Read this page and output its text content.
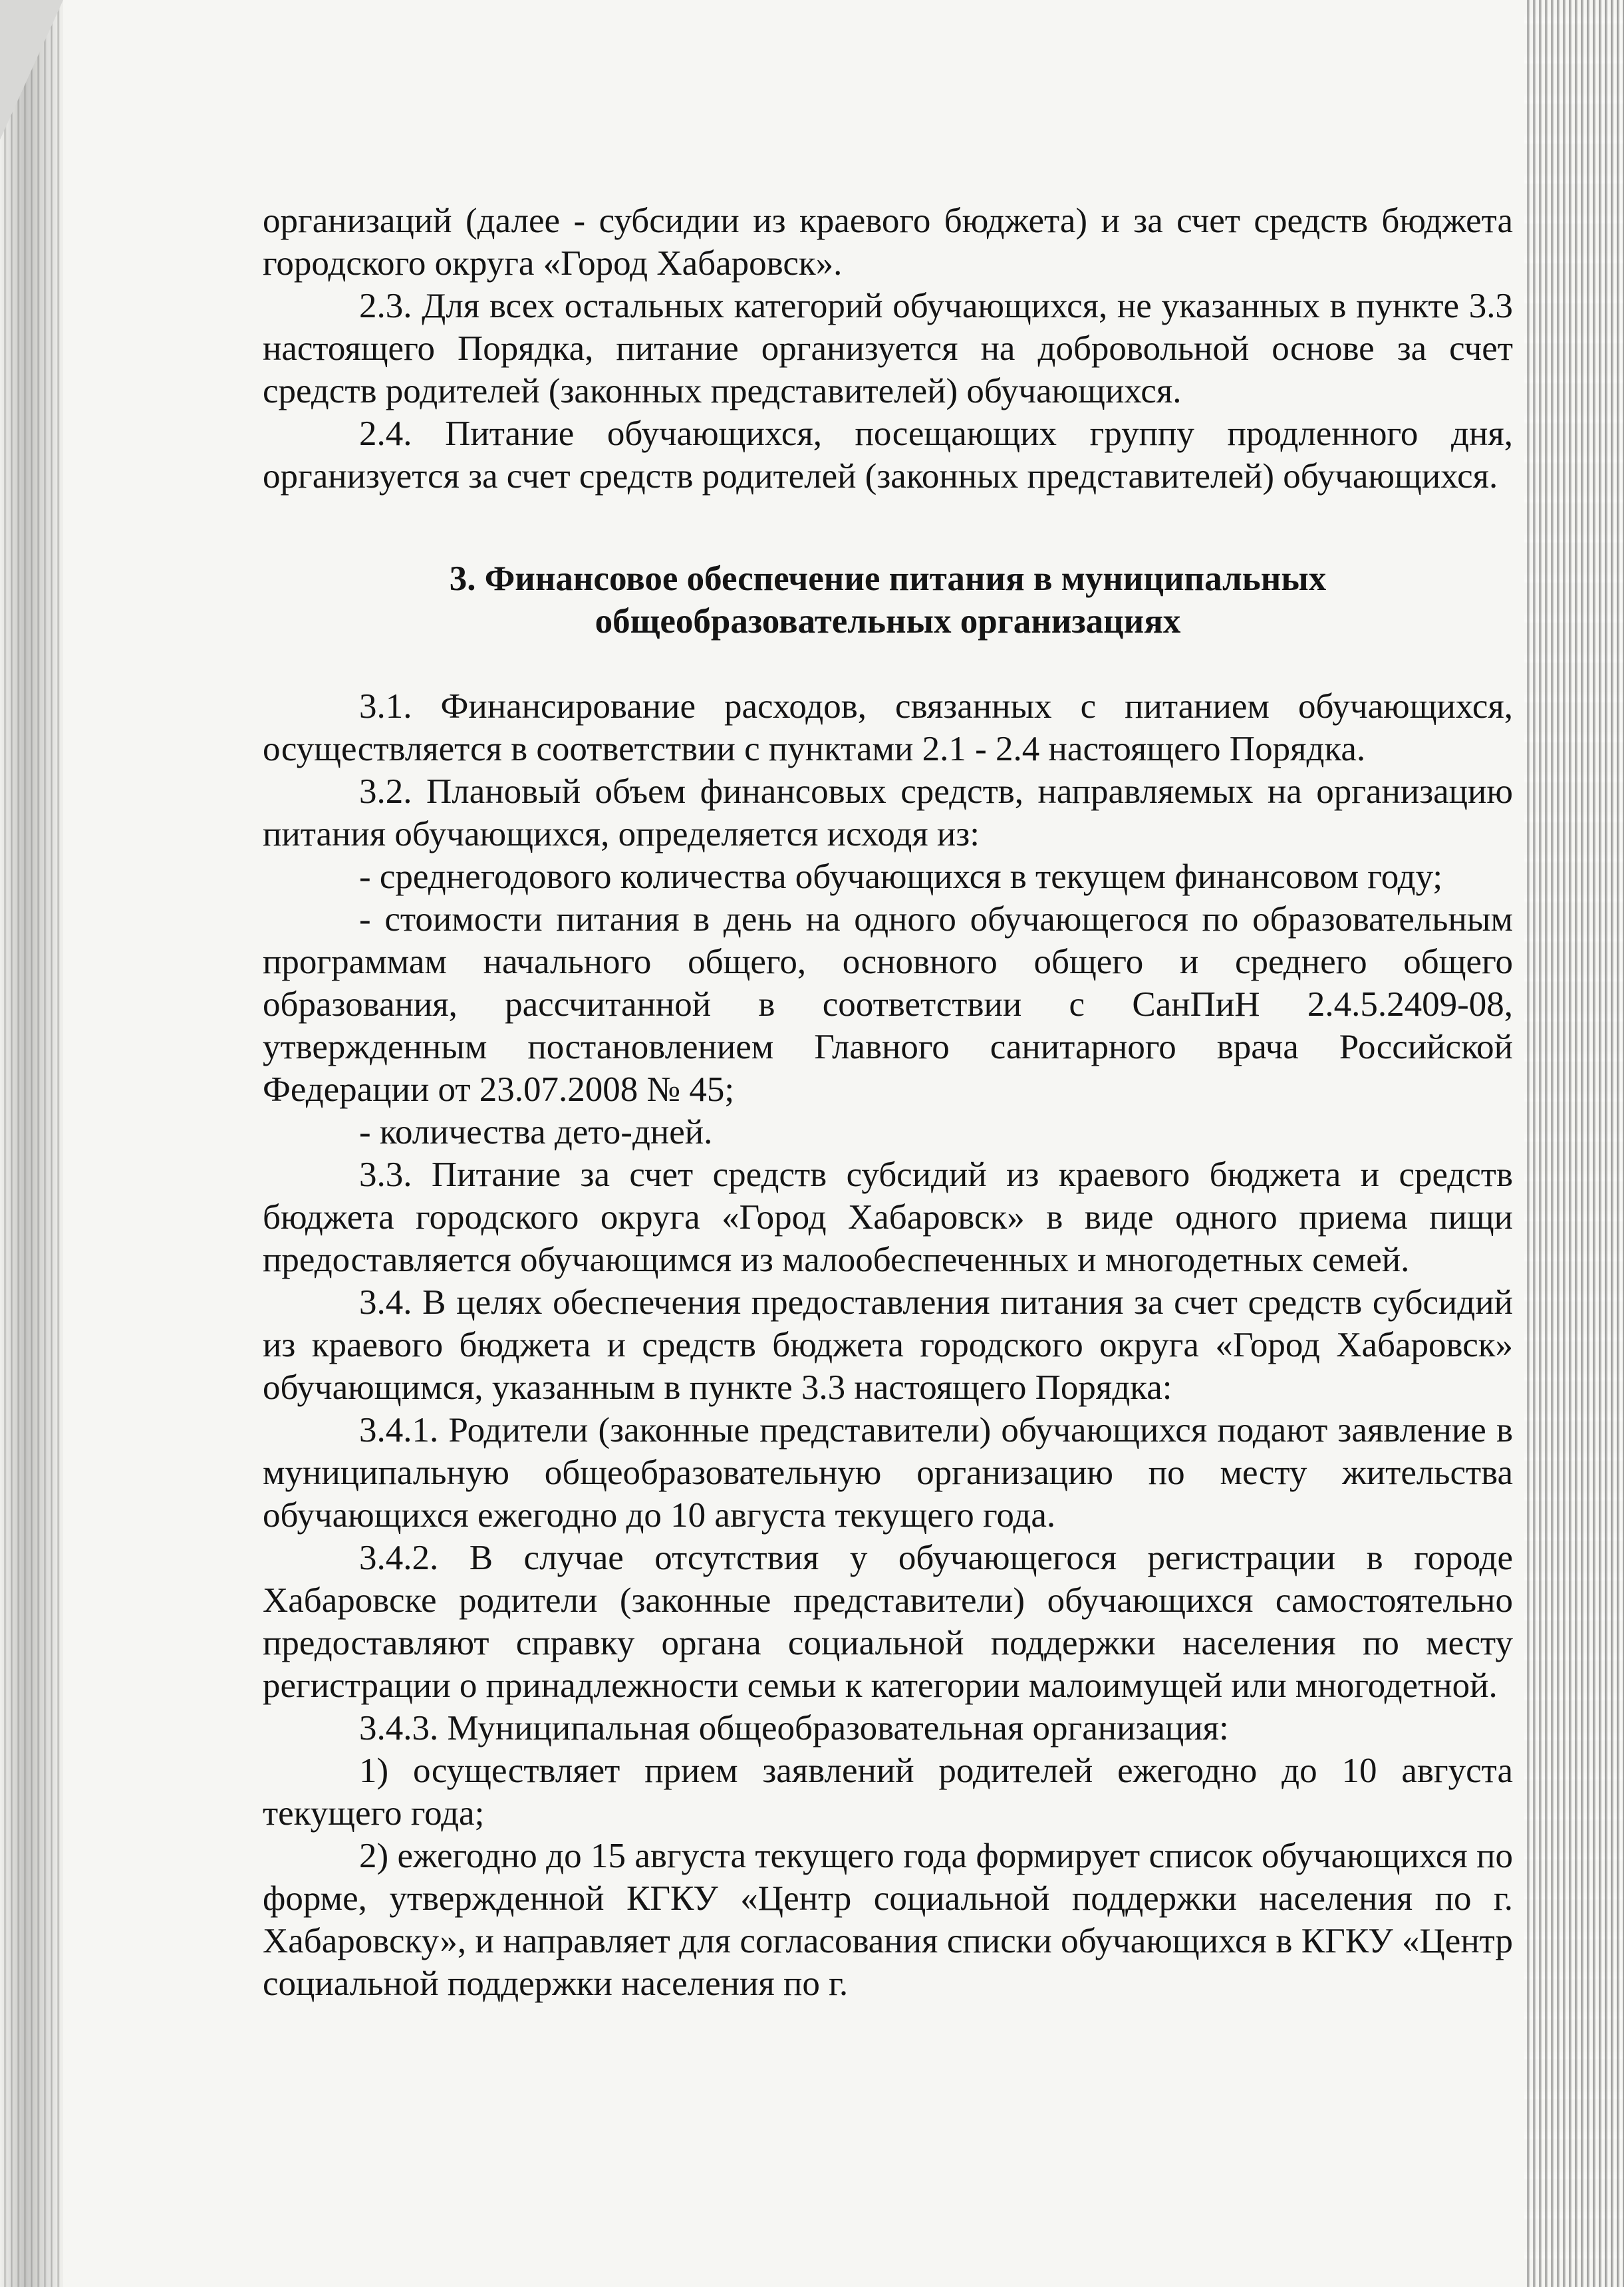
организаций (далее - субсидии из краевого бюджета) и за счет средств бюджета городского округа «Город Хабаровск».

2.3. Для всех остальных категорий обучающихся, не указанных в пункте 3.3 настоящего Порядка, питание организуется на добровольной основе за счет средств родителей (законных представителей) обучающихся.

2.4. Питание обучающихся, посещающих группу продленного дня, организуется за счет средств родителей (законных представителей) обучающихся.

3. Финансовое обеспечение питания в муниципальных
общеобразовательных организациях

3.1. Финансирование расходов, связанных с питанием обучающихся, осуществляется в соответствии с пунктами 2.1 - 2.4 настоящего Порядка.

3.2. Плановый объем финансовых средств, направляемых на организацию питания обучающихся, определяется исходя из:

- среднегодового количества обучающихся в текущем финансовом году;

- стоимости питания в день на одного обучающегося по образовательным программам начального общего, основного общего и среднего общего образования, рассчитанной в соответствии с СанПиН 2.4.5.2409-08, утвержденным постановлением Главного санитарного врача Российской Федерации от 23.07.2008 № 45;

- количества дето-дней.

3.3. Питание за счет средств субсидий из краевого бюджета и средств бюджета городского округа «Город Хабаровск» в виде одного приема пищи предоставляется обучающимся из малообеспеченных и многодетных семей.

3.4. В целях обеспечения предоставления питания за счет средств субсидий из краевого бюджета и средств бюджета городского округа «Город Хабаровск» обучающимся, указанным в пункте 3.3 настоящего Порядка:

3.4.1. Родители (законные представители) обучающихся подают заявление в муниципальную общеобразовательную организацию по месту жительства обучающихся ежегодно до 10 августа текущего года.

3.4.2. В случае отсутствия у обучающегося регистрации в городе Хабаровске родители (законные представители) обучающихся самостоятельно предоставляют справку органа социальной поддержки населения по месту регистрации о принадлежности семьи к категории малоимущей или многодетной.

3.4.3. Муниципальная общеобразовательная организация:

1) осуществляет прием заявлений родителей ежегодно до 10 августа текущего года;

2) ежегодно до 15 августа текущего года формирует список обучающихся по форме, утвержденной КГКУ «Центр социальной поддержки населения по г. Хабаровску», и направляет для согласования списки обучающихся в КГКУ «Центр социальной поддержки населения по г.
